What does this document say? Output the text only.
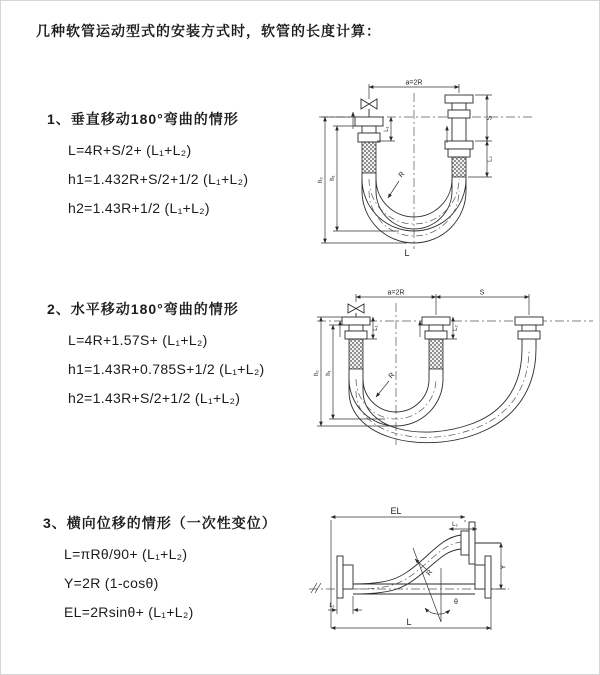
几种软管运动型式的安装方式时，软管的长度计算：
1、垂直移动180°弯曲的情形
L=4R+S/2+ (L₁+L₂)
h1=1.432R+S/2+1/2 (L₁+L₂)
h2=1.43R+1/2 (L₁+L₂)
a=2R
L₁
S
L₂
h₂ h₁	R
L
2、水平移动180°弯曲的情形
L=4R+1.57S+ (L₁+L₂)
h1=1.43R+0.785S+1/2 (L₁+L₂)
h2=1.43R+S/2+1/2 (L₁+L₂)
a=2R	S
L₁	L₂
h₂ h₁	R
3、横向位移的情形（一次性变位）
L=πRθ/90+ (L₁+L₂)
Y=2R (1-cosθ)
EL=2Rsinθ+ (L₁+L₂)
EL
L₂
Y
θ
R
L₁
L
